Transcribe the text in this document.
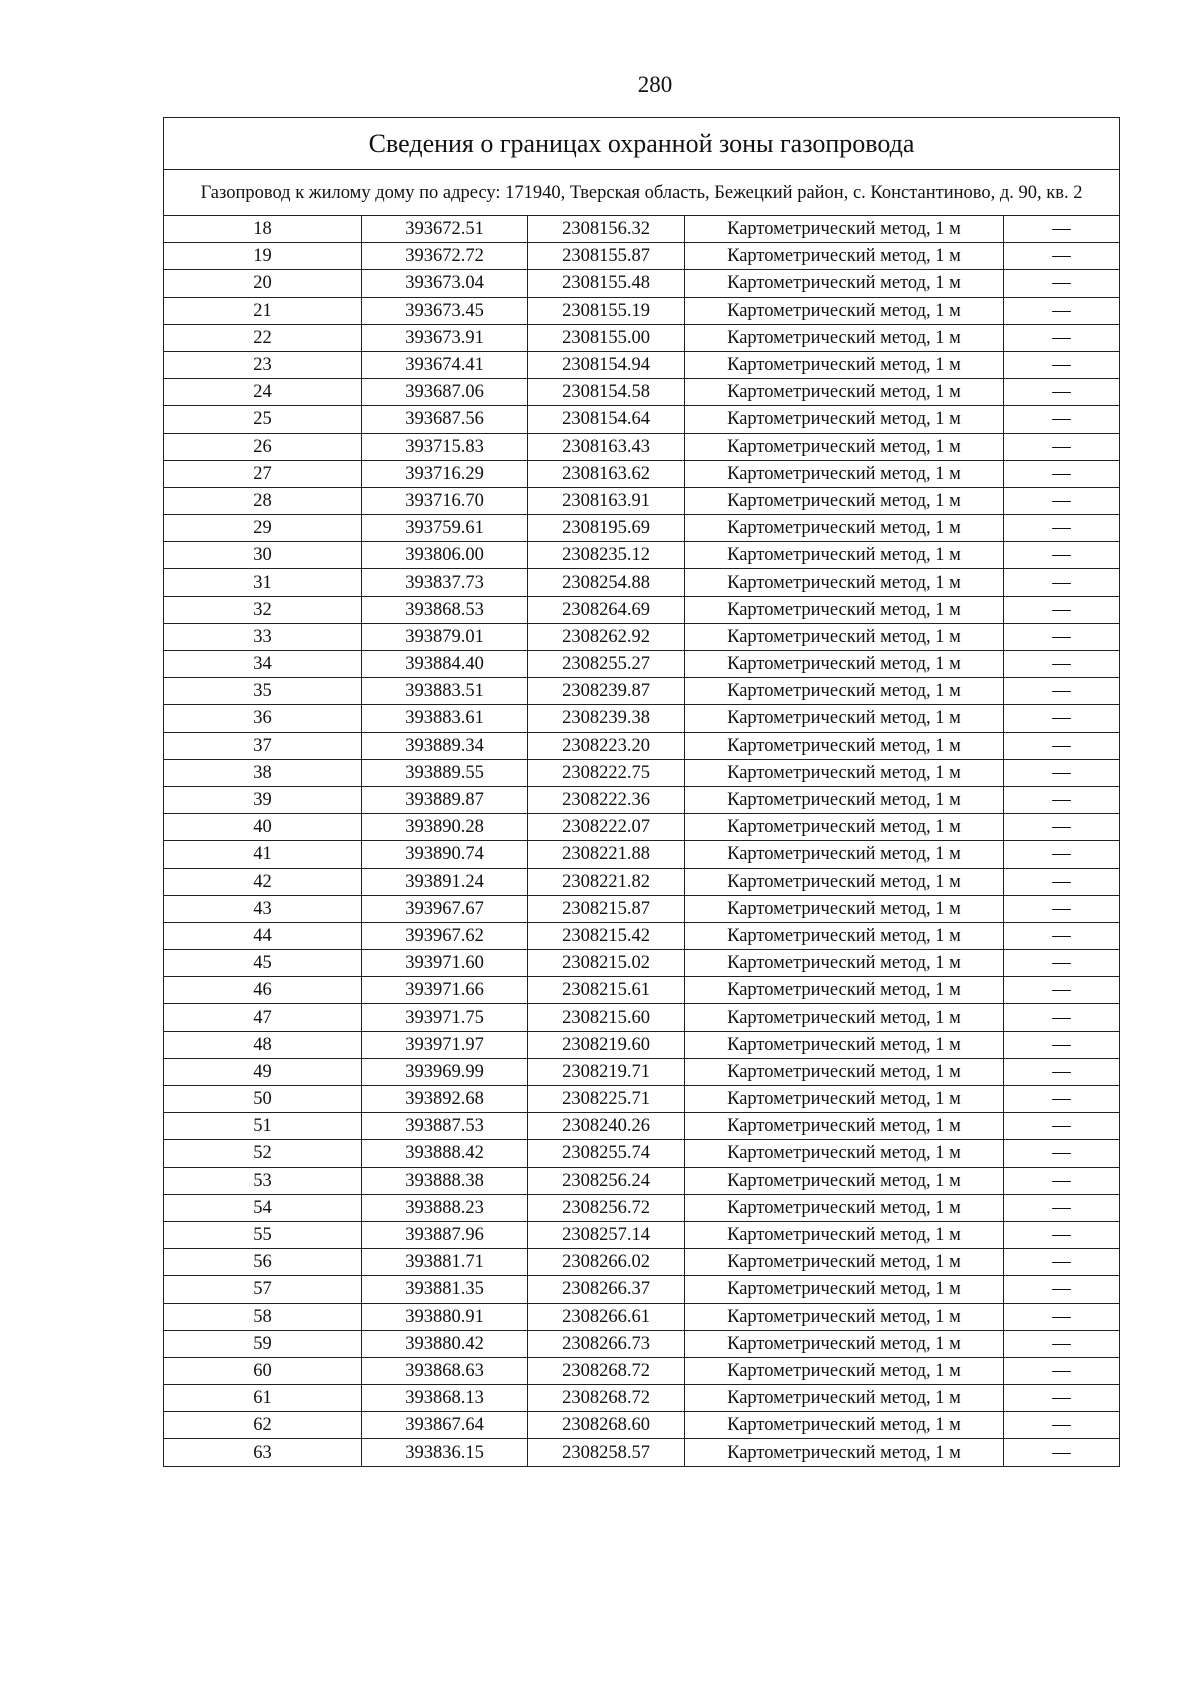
280
Сведения о границах охранной зоны газопровода				
Газопровод к жилому дому по адресу: 171940, Тверская область, Бежецкий район, с. Константиново, д. 90, кв. 2				
18	393672.51	2308156.32	Картометрический метод, 1 м	—
19	393672.72	2308155.87	Картометрический метод, 1 м	—
20	393673.04	2308155.48	Картометрический метод, 1 м	—
21	393673.45	2308155.19	Картометрический метод, 1 м	—
22	393673.91	2308155.00	Картометрический метод, 1 м	—
23	393674.41	2308154.94	Картометрический метод, 1 м	—
24	393687.06	2308154.58	Картометрический метод, 1 м	—
25	393687.56	2308154.64	Картометрический метод, 1 м	—
26	393715.83	2308163.43	Картометрический метод, 1 м	—
27	393716.29	2308163.62	Картометрический метод, 1 м	—
28	393716.70	2308163.91	Картометрический метод, 1 м	—
29	393759.61	2308195.69	Картометрический метод, 1 м	—
30	393806.00	2308235.12	Картометрический метод, 1 м	—
31	393837.73	2308254.88	Картометрический метод, 1 м	—
32	393868.53	2308264.69	Картометрический метод, 1 м	—
33	393879.01	2308262.92	Картометрический метод, 1 м	—
34	393884.40	2308255.27	Картометрический метод, 1 м	—
35	393883.51	2308239.87	Картометрический метод, 1 м	—
36	393883.61	2308239.38	Картометрический метод, 1 м	—
37	393889.34	2308223.20	Картометрический метод, 1 м	—
38	393889.55	2308222.75	Картометрический метод, 1 м	—
39	393889.87	2308222.36	Картометрический метод, 1 м	—
40	393890.28	2308222.07	Картометрический метод, 1 м	—
41	393890.74	2308221.88	Картометрический метод, 1 м	—
42	393891.24	2308221.82	Картометрический метод, 1 м	—
43	393967.67	2308215.87	Картометрический метод, 1 м	—
44	393967.62	2308215.42	Картометрический метод, 1 м	—
45	393971.60	2308215.02	Картометрический метод, 1 м	—
46	393971.66	2308215.61	Картометрический метод, 1 м	—
47	393971.75	2308215.60	Картометрический метод, 1 м	—
48	393971.97	2308219.60	Картометрический метод, 1 м	—
49	393969.99	2308219.71	Картометрический метод, 1 м	—
50	393892.68	2308225.71	Картометрический метод, 1 м	—
51	393887.53	2308240.26	Картометрический метод, 1 м	—
52	393888.42	2308255.74	Картометрический метод, 1 м	—
53	393888.38	2308256.24	Картометрический метод, 1 м	—
54	393888.23	2308256.72	Картометрический метод, 1 м	—
55	393887.96	2308257.14	Картометрический метод, 1 м	—
56	393881.71	2308266.02	Картометрический метод, 1 м	—
57	393881.35	2308266.37	Картометрический метод, 1 м	—
58	393880.91	2308266.61	Картометрический метод, 1 м	—
59	393880.42	2308266.73	Картометрический метод, 1 м	—
60	393868.63	2308268.72	Картометрический метод, 1 м	—
61	393868.13	2308268.72	Картометрический метод, 1 м	—
62	393867.64	2308268.60	Картометрический метод, 1 м	—
63	393836.15	2308258.57	Картометрический метод, 1 м	—
